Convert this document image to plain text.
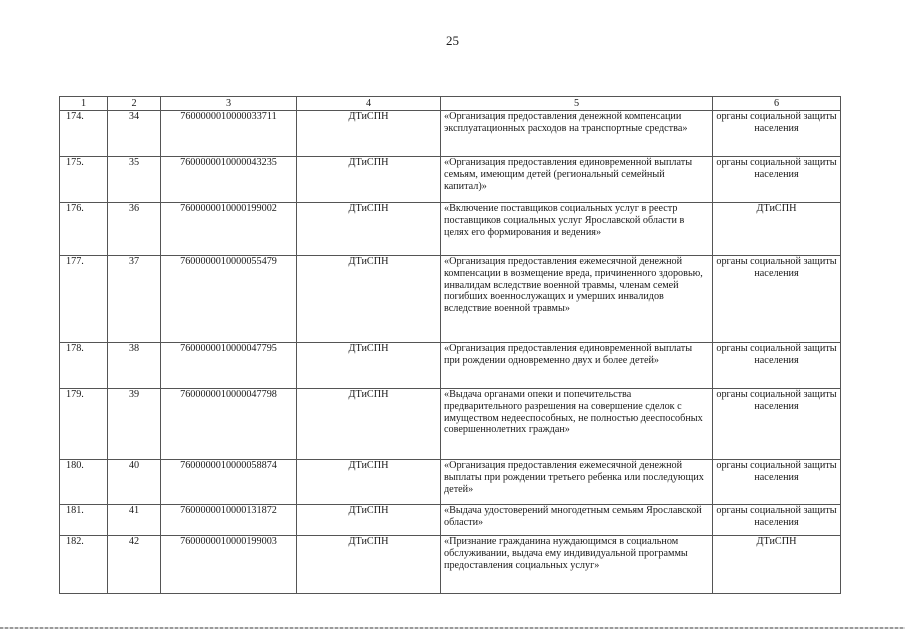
25
1	2	3	4	5	6
174.	34	7600000010000033711	ДТиСПН	«Организация предоставления денежной компенсации эксплуатационных расходов на транспортные средства»	органы социальной защиты населения
175.	35	7600000010000043235	ДТиСПН	«Организация предоставления единовременной выплаты семьям, имеющим детей (региональный семейный капитал)»	органы социальной защиты населения
176.	36	7600000010000199002	ДТиСПН	«Включение поставщиков социальных услуг в реестр поставщиков социальных услуг Ярославской области в целях его формирования и ведения»	ДТиСПН
177.	37	7600000010000055479	ДТиСПН	«Организация предоставления ежемесячной денежной компенсации в возмещение вреда, причиненного здоровью, инвалидам вследствие военной травмы, членам семей погибших военнослужащих и умерших инвалидов вследствие военной травмы»	органы социальной защиты населения
178.	38	7600000010000047795	ДТиСПН	«Организация предоставления единовременной выплаты при рождении одновременно двух и более детей»	органы социальной защиты населения
179.	39	7600000010000047798	ДТиСПН	«Выдача органами опеки и попечительства предварительного разрешения на совершение сделок с имуществом недееспособных, не полностью дееспособных совершеннолетних граждан»	органы социальной защиты населения
180.	40	7600000010000058874	ДТиСПН	«Организация предоставления ежемесячной денежной выплаты при рождении третьего ребенка или последующих детей»	органы социальной защиты населения
181.	41	7600000010000131872	ДТиСПН	«Выдача удостоверений многодетным семьям Ярославской области»	органы социальной защиты населения
182.	42	7600000010000199003	ДТиСПН	«Признание гражданина нуждающимся в социальном обслуживании, выдача ему индивидуальной программы предоставления социальных услуг»	ДТиСПН
